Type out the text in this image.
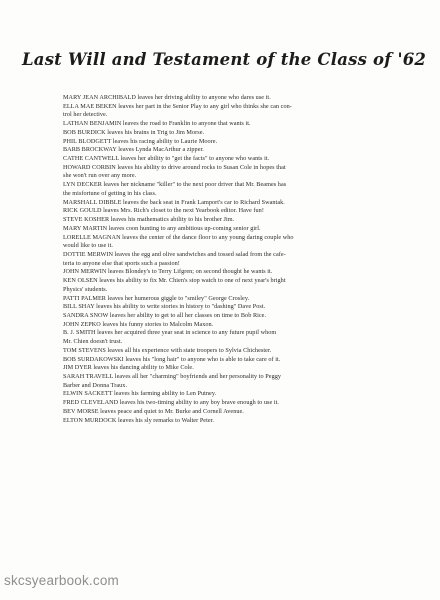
Last Will and Testament of the Class of '62
MARY JEAN ARCHIBALD leaves her driving ability to anyone who dares use it.
ELLA MAE BEKEN leaves her part in the Senior Play to any girl who thinks she can con-
trol her detective.
LATHAN BENJAMIN leaves the road to Franklin to anyone that wants it.
BOB BURDICK leaves his brains in Trig to Jim Morse.
PHIL BLODGETT leaves his racing ability to Laurie Moore.
BARB BROCKWAY leaves Lynda MacArthur a zipper.
CATHE CANTWELL leaves her ability to "get the facts" to anyone who wants it.
HOWARD CORBIN leaves his ability to drive around rocks to Susan Cole in hopes that
she won't run over any more.
LYN DECKER leaves her nickname "killer" to the next poor driver that Mr. Beames has
the misfortune of getting in his class.
MARSHALL DIBBLE leaves the back seat in Frank Lamport's car to Richard Swantak.
RICK GOULD leaves Mrs. Rich's closet to the next Yearbook editor. Have fun!
STEVE KOSHER leaves his mathematics ability to his brother Jim.
MARY MARTIN leaves coon hunting to any ambitious up-coming senior girl.
LORELLE MAGNAN leaves the center of the dance floor to any young daring couple who
would like to use it.
DOTTIE MERWIN leaves the egg and olive sandwiches and tossed salad from the cafe-
teria to anyone else that sports such a passion!
JOHN MERWIN leaves Blondey's to Terry Lifgren; on second thought he wants it.
KEN OLSEN leaves his ability to fix Mr. Chien's stop watch to one of next year's bright
Physics' students.
PATTI PALMER leaves her humerous giggle to "smiley" George Crosley.
BILL SHAY leaves his ability to write stories in history to "dashing" Dave Post.
SANDRA SNOW leaves her ability to get to all her classes on time to Bob Rice.
JOHN ZEPKO leaves his funny stories to Malcolm Maxon.
B. J. SMITH leaves her acquired three year seat in science to any future pupil whom
Mr. Chien doesn't trust.
TOM STEVENS leaves all his experience with state troopers to Sylvia Chichester.
BOB SURDAKOWSKI leaves his "long hair" to anyone who is able to take care of it.
JIM DYER leaves his dancing ability to Mike Cole.
SARAH TRAVELL leaves all her "charming" boyfriends and her personality to Peggy
Barber and Donna Traux.
ELWIN SACKETT leaves his farming ability to Len Putney.
FRED CLEVELAND leaves his two-timing ability to any boy brave enough to use it.
BEV MORSE leaves peace and quiet to Mr. Burke and Cornell Avenue.
ELTON MURDOCK leaves his sly remarks to Walter Peter.
skcsyearbook.com
